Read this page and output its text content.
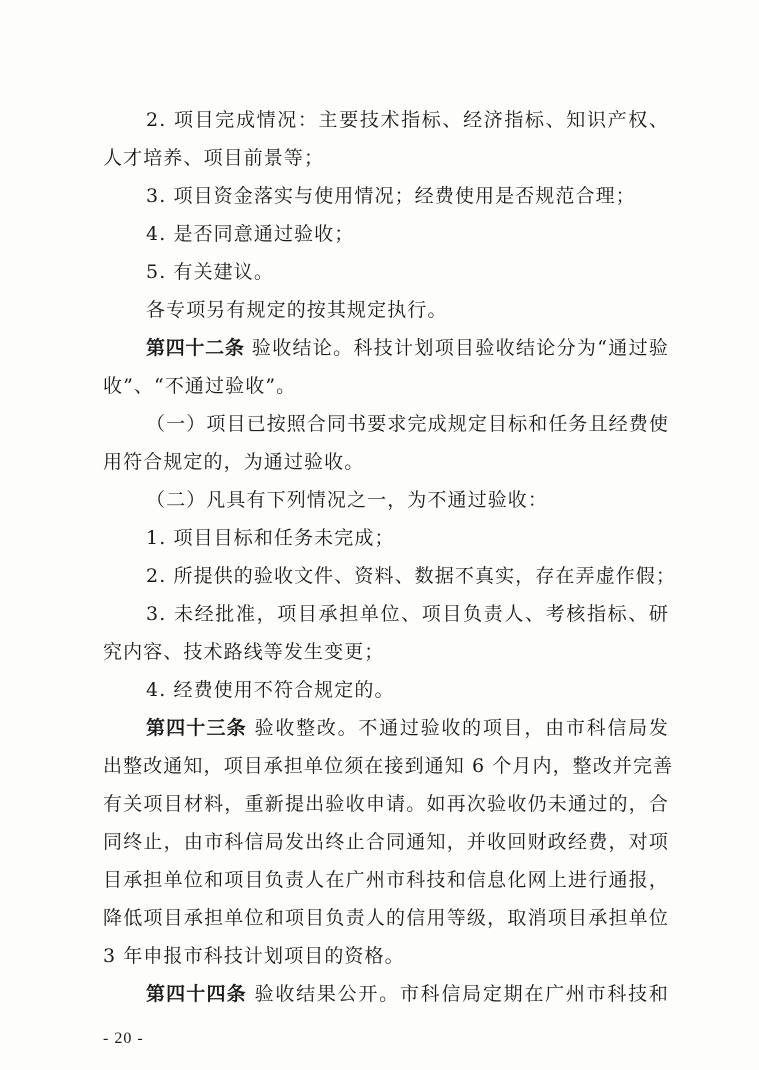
2. 项目完成情况：主要技术指标、经济指标、知识产权、
人才培养、项目前景等；
3. 项目资金落实与使用情况；经费使用是否规范合理；
4. 是否同意通过验收；
5. 有关建议。
各专项另有规定的按其规定执行。
第四十二条 验收结论。科技计划项目验收结论分为“通过验
收”、“不通过验收”。
（一）项目已按照合同书要求完成规定目标和任务且经费使
用符合规定的，为通过验收。
（二）凡具有下列情况之一，为不通过验收：
1. 项目目标和任务未完成；
2. 所提供的验收文件、资料、数据不真实，存在弄虚作假；
3. 未经批准，项目承担单位、项目负责人、考核指标、研
究内容、技术路线等发生变更；
4. 经费使用不符合规定的。
第四十三条 验收整改。不通过验收的项目，由市科信局发
出整改通知，项目承担单位须在接到通知 6 个月内，整改并完善
有关项目材料，重新提出验收申请。如再次验收仍未通过的，合
同终止，由市科信局发出终止合同通知，并收回财政经费，对项
目承担单位和项目负责人在广州市科技和信息化网上进行通报，
降低项目承担单位和项目负责人的信用等级，取消项目承担单位
3 年申报市科技计划项目的资格。
第四十四条 验收结果公开。市科信局定期在广州市科技和
- 20 -
